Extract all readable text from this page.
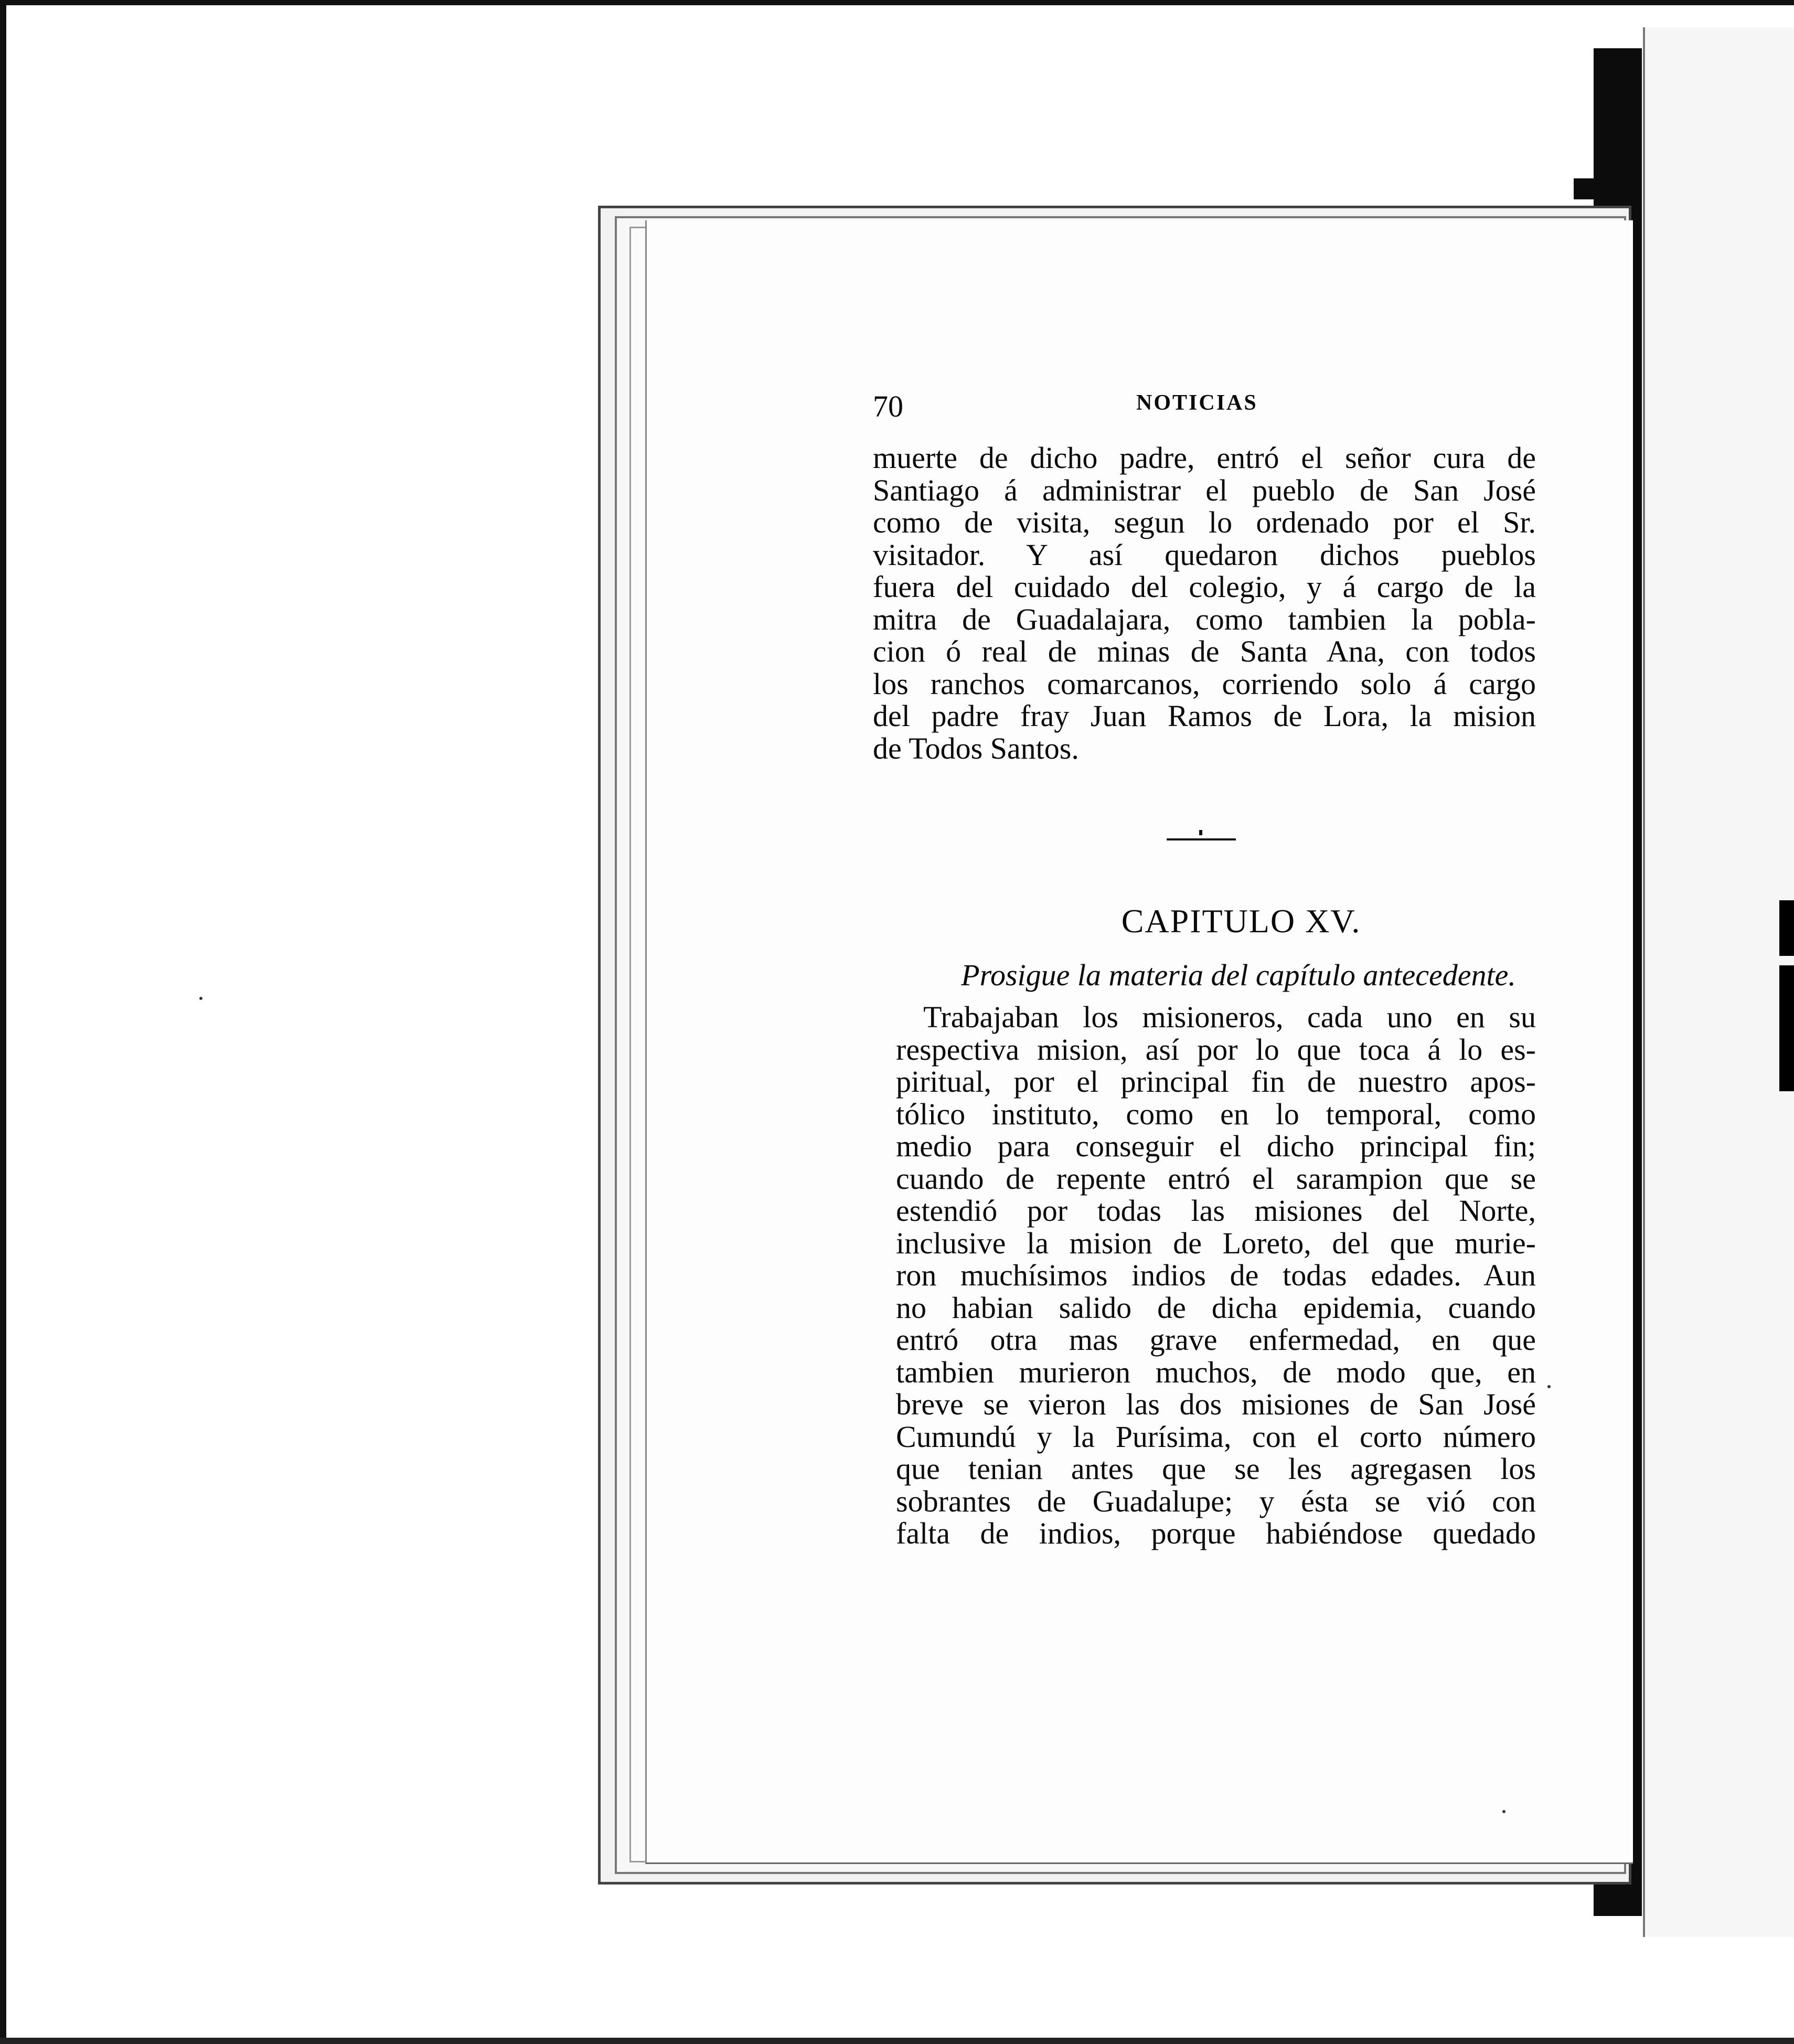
70	NOTICIAS
muerte de dicho padre, entró el señor cura de
Santiago á administrar el pueblo de San José
como de visita, segun lo ordenado por el Sr.
visitador. Y así quedaron dichos pueblos
fuera del cuidado del colegio, y á cargo de la
mitra de Guadalajara, como tambien la pobla-
cion ó real de minas de Santa Ana, con todos
los ranchos comarcanos, corriendo solo á cargo
del padre fray Juan Ramos de Lora, la mision
de Todos Santos.
CAPITULO XV.
Prosigue la materia del capítulo antecedente.
Trabajaban los misioneros, cada uno en su
respectiva mision, así por lo que toca á lo es-
piritual, por el principal fin de nuestro apos-
tólico instituto, como en lo temporal, como
medio para conseguir el dicho principal fin;
cuando de repente entró el sarampion que se
estendió por todas las misiones del Norte,
inclusive la mision de Loreto, del que murie-
ron muchísimos indios de todas edades. Aun
no habian salido de dicha epidemia, cuando
entró otra mas grave enfermedad, en que
tambien murieron muchos, de modo que, en
breve se vieron las dos misiones de San José
Cumundú y la Purísima, con el corto número
que tenian antes que se les agregasen los
sobrantes de Guadalupe; y ésta se vió con
falta de indios, porque habiéndose quedado
